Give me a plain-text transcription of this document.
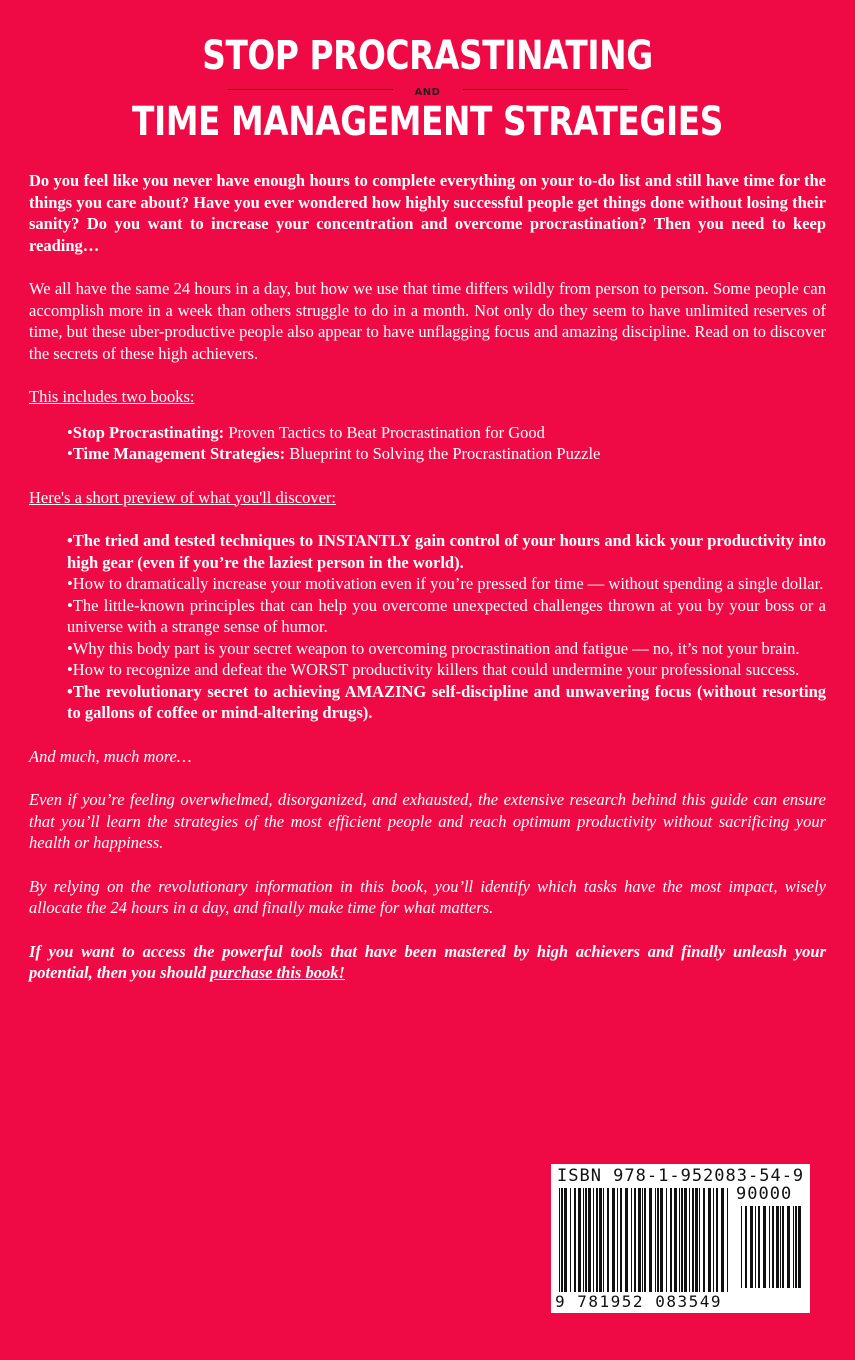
STOP PROCRASTINATING
AND
TIME MANAGEMENT STRATEGIES

Do you feel like you never have enough hours to complete everything on your to-do list and still have time for the things you care about? Have you ever wondered how highly successful people get things done without losing their sanity? Do you want to increase your concentration and overcome procrastination? Then you need to keep reading…

We all have the same 24 hours in a day, but how we use that time differs wildly from person to person. Some people can accomplish more in a week than others struggle to do in a month. Not only do they seem to have unlimited reserves of time, but these uber-productive people also appear to have unflagging focus and amazing discipline. Read on to discover the secrets of these high achievers.

This includes two books:

•Stop Procrastinating: Proven Tactics to Beat Procrastination for Good
•Time Management Strategies: Blueprint to Solving the Procrastination Puzzle

Here's a short preview of what you'll discover:

•The tried and tested techniques to INSTANTLY gain control of your hours and kick your productivity into high gear (even if you’re the laziest person in the world).
•How to dramatically increase your motivation even if you’re pressed for time — without spending a single dollar.
•The little-known principles that can help you overcome unexpected challenges thrown at you by your boss or a universe with a strange sense of humor.
•Why this body part is your secret weapon to overcoming procrastination and fatigue — no, it’s not your brain.
•How to recognize and defeat the WORST productivity killers that could undermine your professional success.
•The revolutionary secret to achieving AMAZING self-discipline and unwavering focus (without resorting to gallons of coffee or mind-altering drugs).

And much, much more…

Even if you’re feeling overwhelmed, disorganized, and exhausted, the extensive research behind this guide can ensure that you’ll learn the strategies of the most efficient people and reach optimum productivity without sacrificing your health or happiness.

By relying on the revolutionary information in this book, you’ll identify which tasks have the most impact, wisely allocate the 24 hours in a day, and finally make time for what matters.

If you want to access the powerful tools that have been mastered by high achievers and finally unleash your potential, then you should purchase this book!

ISBN 978-1-952083-54-9
90000
9 781952 083549
